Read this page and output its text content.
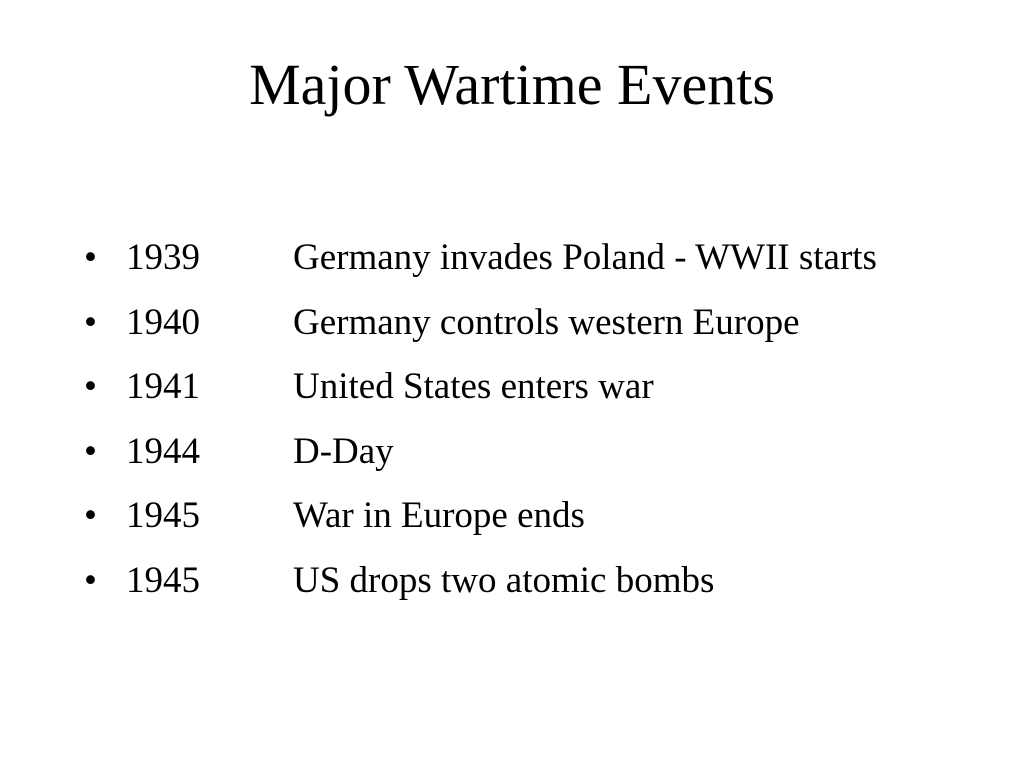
Major Wartime Events
• 1939	Germany invades Poland - WWII starts
• 1940	Germany controls western Europe
• 1941	United States enters war
• 1944	D-Day
• 1945	War in Europe ends
• 1945	US drops two atomic bombs
